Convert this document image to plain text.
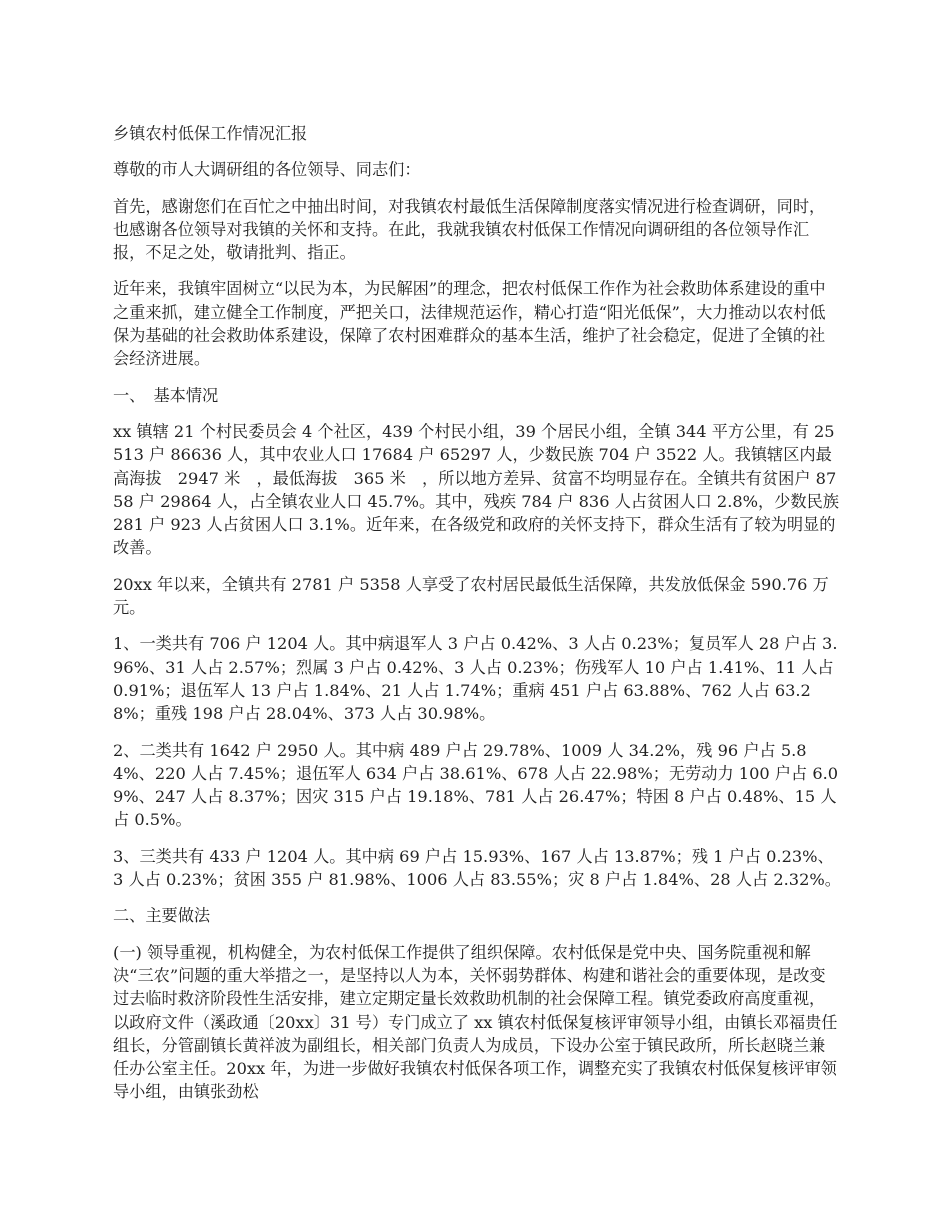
乡镇农村低保工作情况汇报

尊敬的市人大调研组的各位领导、同志们：

首先，感谢您们在百忙之中抽出时间，对我镇农村最低生活保障制度落实情况进行检查调研，同时，也感谢各位领导对我镇的关怀和支持。在此，我就我镇农村低保工作情况向调研组的各位领导作汇报，不足之处，敬请批判、指正。

近年来，我镇牢固树立“以民为本，为民解困”的理念，把农村低保工作作为社会救助体系建设的重中之重来抓，建立健全工作制度，严把关口，法律规范运作，精心打造“阳光低保”，大力推动以农村低保为基础的社会救助体系建设，保障了农村困难群众的基本生活，维护了社会稳定，促进了全镇的社会经济进展。

一、　基本情况

xx 镇辖 21 个村民委员会 4 个社区，439 个村民小组，39 个居民小组，全镇 344 平方公里，有 25513 户 86636 人，其中农业人口 17684 户 65297 人，少数民族 704 户 3522 人。我镇辖区内最高海拔　2947 米　，最低海拔　365 米　，所以地方差异、贫富不均明显存在。全镇共有贫困户 8758 户 29864 人，占全镇农业人口 45.7%。其中，残疾 784 户 836 人占贫困人口 2.8%，少数民族 281 户 923 人占贫困人口 3.1%。近年来，在各级党和政府的关怀支持下，群众生活有了较为明显的改善。

20xx 年以来，全镇共有 2781 户 5358 人享受了农村居民最低生活保障，共发放低保金 590.76 万元。

1、一类共有 706 户 1204 人。其中病退军人 3 户占 0.42%、3 人占 0.23%；复员军人 28 户占 3.96%、31 人占 2.57%；烈属 3 户占 0.42%、3 人占 0.23%；伤残军人 10 户占 1.41%、11 人占 0.91%；退伍军人 13 户占 1.84%、21 人占 1.74%；重病 451 户占 63.88%、762 人占 63.28%；重残 198 户占 28.04%、373 人占 30.98%。

2、二类共有 1642 户 2950 人。其中病 489 户占 29.78%、1009 人 34.2%，残 96 户占 5.84%、220 人占 7.45%；退伍军人 634 户占 38.61%、678 人占 22.98%；无劳动力 100 户占 6.09%、247 人占 8.37%；因灾 315 户占 19.18%、781 人占 26.47%；特困 8 户占 0.48%、15 人占 0.5%。

3、三类共有 433 户 1204 人。其中病 69 户占 15.93%、167 人占 13.87%；残 1 户占 0.23%、3 人占 0.23%；贫困 355 户 81.98%、1006 人占 83.55%；灾 8 户占 1.84%、28 人占 2.32%。

二、主要做法

(一) 领导重视，机构健全，为农村低保工作提供了组织保障。农村低保是党中央、国务院重视和解决“三农”问题的重大举措之一，是坚持以人为本，关怀弱势群体、构建和谐社会的重要体现，是改变过去临时救济阶段性生活安排，建立定期定量长效救助机制的社会保障工程。镇党委政府高度重视，以政府文件（溪政通〔20xx〕31 号）专门成立了 xx 镇农村低保复核评审领导小组，由镇长邓福贵任组长，分管副镇长黄祥波为副组长，相关部门负责人为成员，下设办公室于镇民政所，所长赵晓兰兼任办公室主任。20xx 年，为进一步做好我镇农村低保各项工作，调整充实了我镇农村低保复核评审领导小组，由镇张劲松
